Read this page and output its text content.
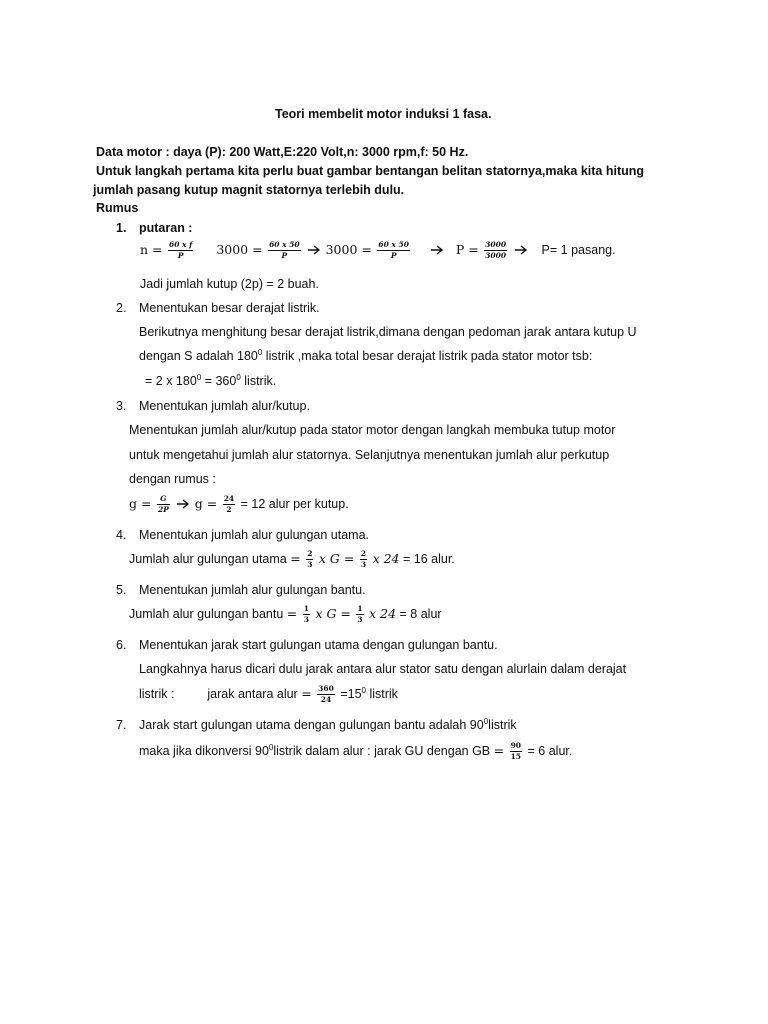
Teori membelit motor induksi 1 fasa.
Data motor : daya (P): 200 Watt,E:220 Volt,n: 3000 rpm,f: 50 Hz.
Untuk langkah pertama kita perlu buat gambar bentangan belitan statornya,maka kita hitung
jumlah pasang kutup magnit statornya terlebih dulu.
Rumus
1. putaran :
$n = \frac{\text{60 x f}}{P} 3000 = \frac{60 x 50}{P} 3000 = \frac{60 x 50}{P}$	$P = \frac{3000}{3000}$	P= 1 pasang.
Jadi jumlah kutup (2p) = 2 buah.
2. Menentukan besar derajat listrik.
Berikutnya menghitung besar derajat listrik,dimana dengan pedoman jarak antara kutup U
dengan S adalah $180^0$ listrik ,maka total besar derajat listrik pada stator motor tsb:
= 2 x $180^0 = 360^0$ listrik.
3. Menentukan jumlah alur/kutup.
Menentukan jumlah alur/kutup pada stator motor dengan langkah membuka tutup motor
untuk mengetahui jumlah alur statornya. Selanjutnya menentukan jumlah alur perkutup
dengan rumus :
$g = \frac{G}{2P}$ $g = \frac{24}{2} = 12$ alur per kutup.
4. Menentukan jumlah alur gulungan utama.
Jumlah alur gulungan utama = $\frac{2}{3}$ x $G = \frac{2}{3}$ x 24 = 16 alur.
5. Menentukan jumlah alur gulungan bantu.
Jumlah alur gulungan bantu = $\frac{1}{3}$ x $G = \frac{1}{3}$ x 24 = 8 alur
6. Menentukan jarak start gulungan utama dengan gulungan bantu.
Langkahnya harus dicari dulu jarak antara alur stator satu dengan alurlain dalam derajat
listrik :	jarak antara alur = $\frac{360}{24} =15^0$ listrik
7. Jarak start gulungan utama dengan gulungan bantu adalah $90^0listrik$
maka jika dikonversi $90^0listrik$ dalam alur : jarak GU dengan GB = $\frac{90}{15} = 6$ alur.
